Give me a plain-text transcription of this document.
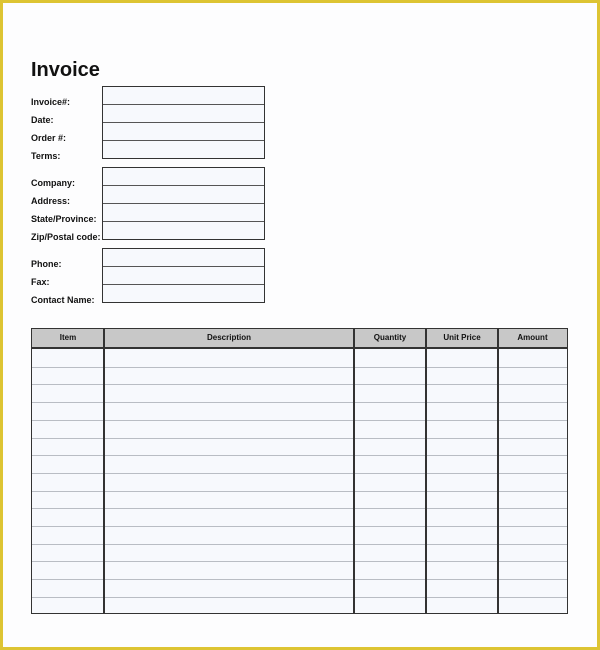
Invoice
Invoice#:
Date:
Order #:
Terms:
Company:
Address:
State/Province:
Zip/Postal code:
Phone:
Fax:
Contact Name:
Item	Description	Quantity	Unit Price	Amount
